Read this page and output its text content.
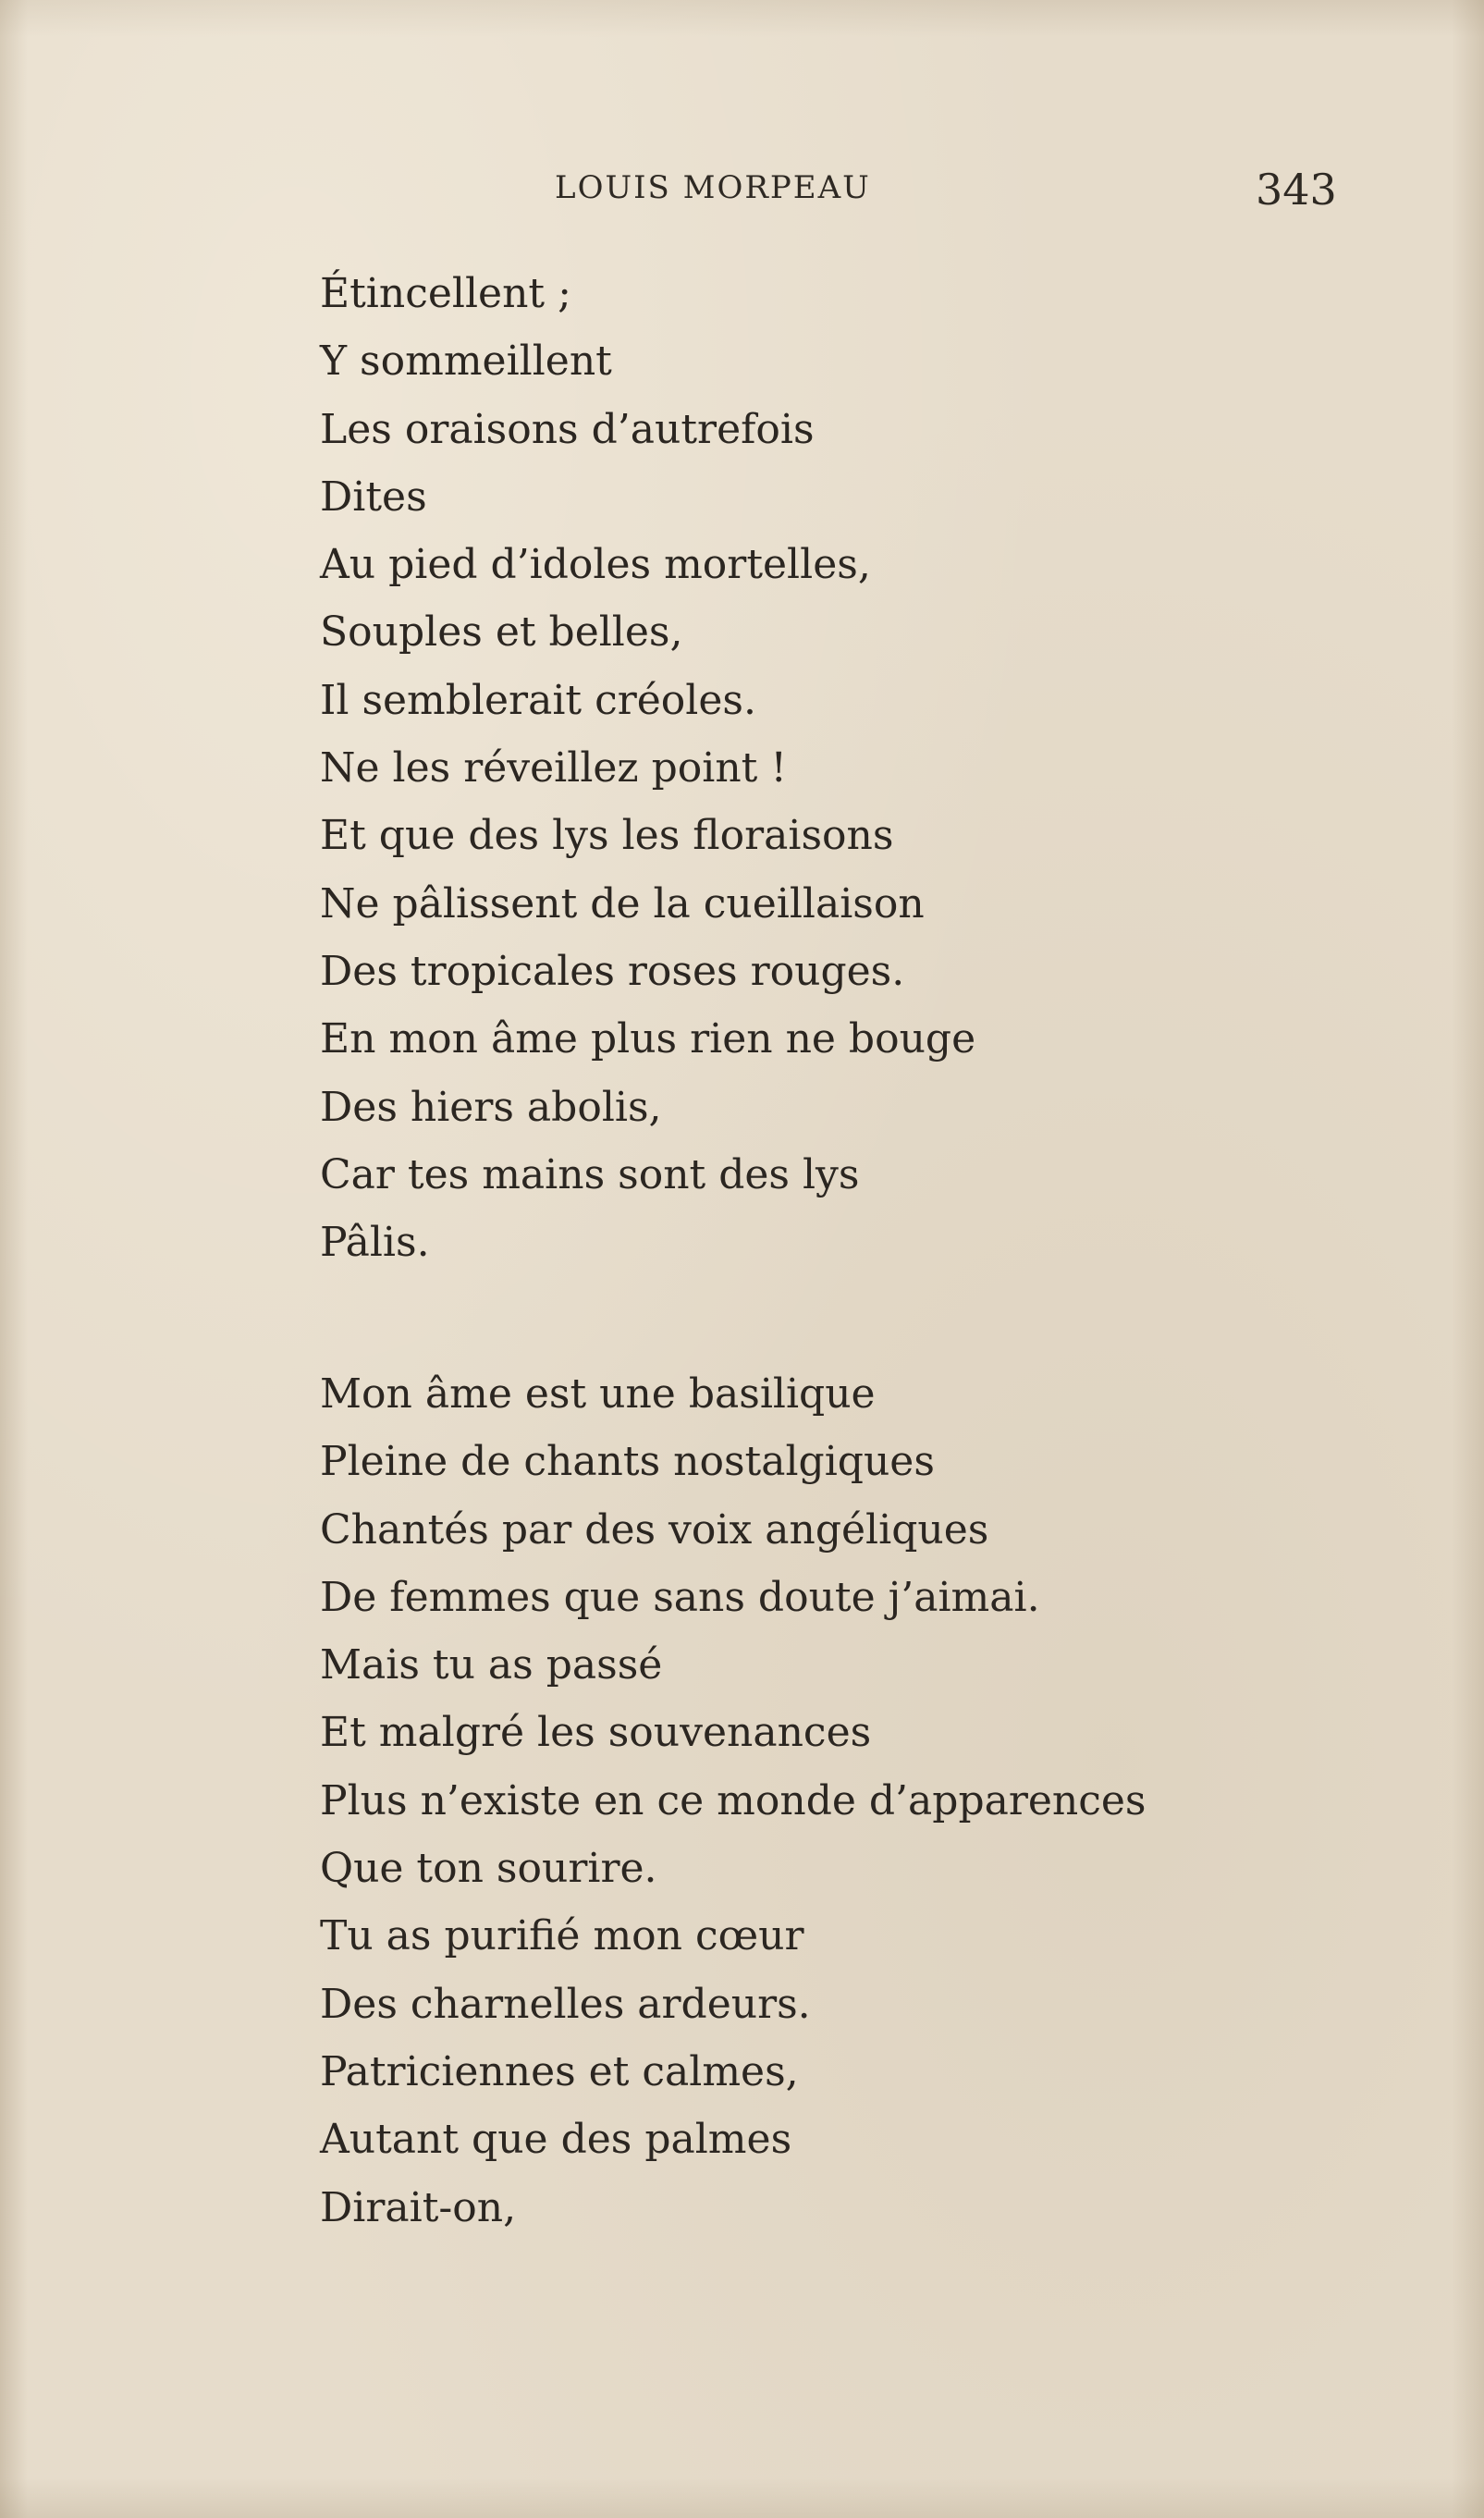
LOUIS MORPEAU	343
Étincellent ;
Y sommeillent
Les oraisons d’autrefois
Dites
Au pied d’idoles mortelles,
Souples et belles,
Il semblerait créoles.
Ne les réveillez point !
Et que des lys les floraisons
Ne pâlissent de la cueillaison
Des tropicales roses rouges.
En mon âme plus rien ne bouge
Des hiers abolis,
Car tes mains sont des lys
Pâlis.
Mon âme est une basilique
Pleine de chants nostalgiques
Chantés par des voix angéliques
De femmes que sans doute j’aimai.
Mais tu as passé
Et malgré les souvenances
Plus n’existe en ce monde d’apparences
Que ton sourire.
Tu as purifié mon cœur
Des charnelles ardeurs.
Patriciennes et calmes,
Autant que des palmes
Dirait-on,
